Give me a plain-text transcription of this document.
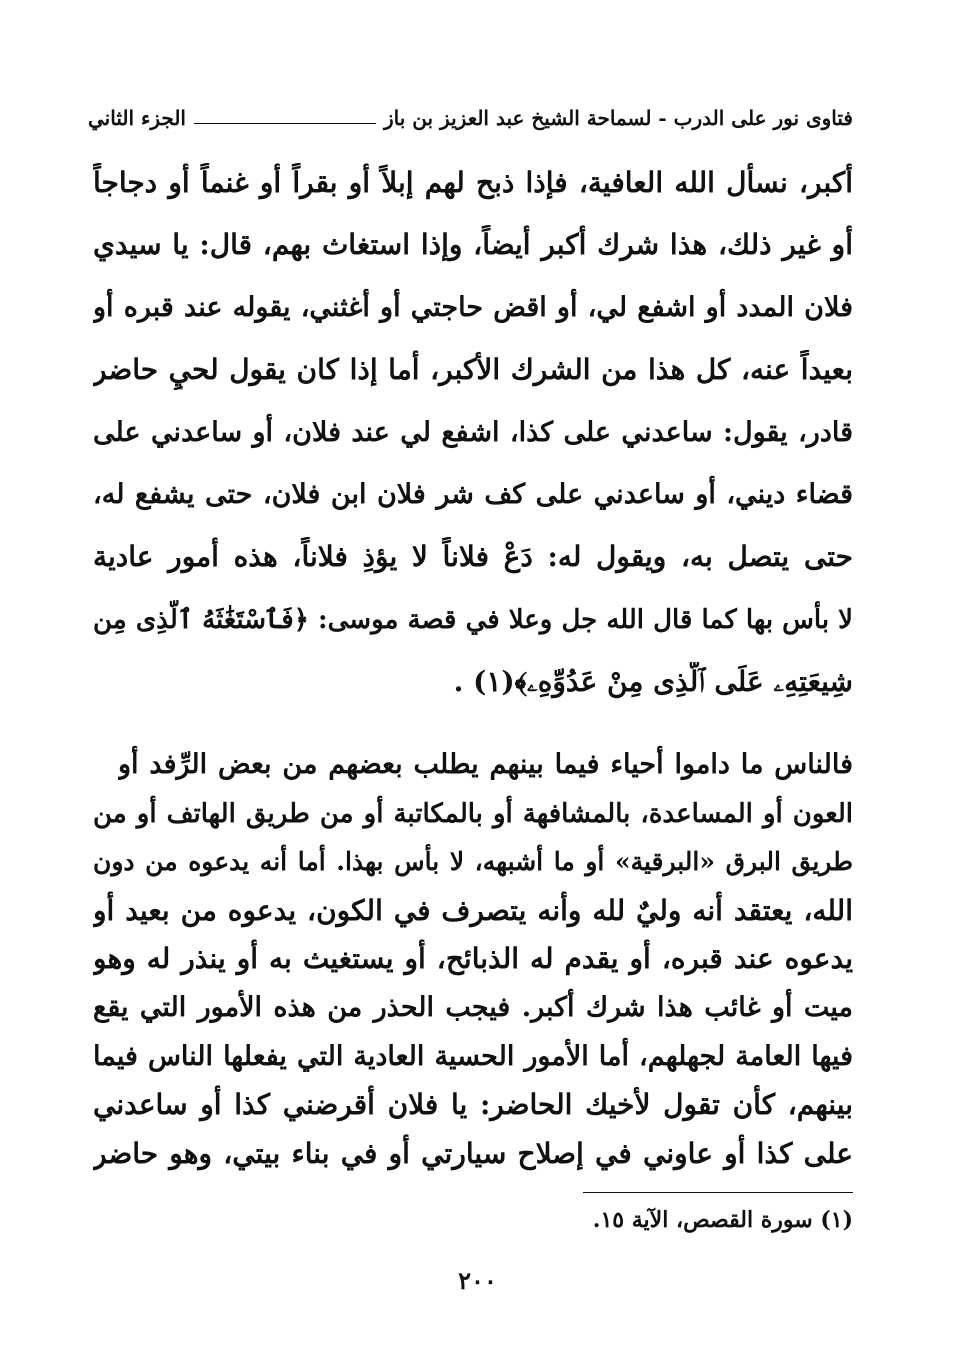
فتاوى نور على الدرب - لسماحة الشيخ عبد العزيز بن باز
الجزء الثاني
أكبر، نسأل الله العافية، فإذا ذبح لهم إبلاً أو بقراً أو غنماً أو دجاجاً
أو غير ذلك، هذا شرك أكبر أيضاً، وإذا استغاث بهم، قال: يا سيدي
فلان المدد أو اشفع لي، أو اقض حاجتي أو أغثني، يقوله عند قبره أو
بعيداً عنه، كل هذا من الشرك الأكبر، أما إذا كان يقول لحيٍ حاضر
قادر، يقول: ساعدني على كذا، اشفع لي عند فلان، أو ساعدني على
قضاء ديني، أو ساعدني على كف شر فلان ابن فلان، حتى يشفع له،
حتى يتصل به، ويقول له: دَعْ فلاناً لا يؤذِ فلاناً، هذه أمور عادية
لا بأس بها كما قال الله جل وعلا في قصة موسى: ﴿فَٱسْتَغَٰثَهُ ٱلَّذِى مِن
شِيعَتِهِۦ عَلَى ٱلَّذِى مِنْ عَدُوِّهِۦ﴾(١) .
فالناس ما داموا أحياء فيما بينهم يطلب بعضهم من بعض الرِّفد أو
العون أو المساعدة، بالمشافهة أو بالمكاتبة أو من طريق الهاتف أو من
طريق البرق «البرقية» أو ما أشبهه، لا بأس بهذا. أما أنه يدعوه من دون
الله، يعتقد أنه وليٌ لله وأنه يتصرف في الكون، يدعوه من بعيد أو
يدعوه عند قبره، أو يقدم له الذبائح، أو يستغيث به أو ينذر له وهو
ميت أو غائب هذا شرك أكبر. فيجب الحذر من هذه الأمور التي يقع
فيها العامة لجهلهم، أما الأمور الحسية العادية التي يفعلها الناس فيما
(١) سورة القصص، الآية ١٥.
٢٠٠
بينهم، كأن تقول لأخيك الحاضر: يا فلان أقرضني كذا أو ساعدني
على كذا أو عاوني في إصلاح سيارتي أو في بناء بيتي، وهو حاضر
